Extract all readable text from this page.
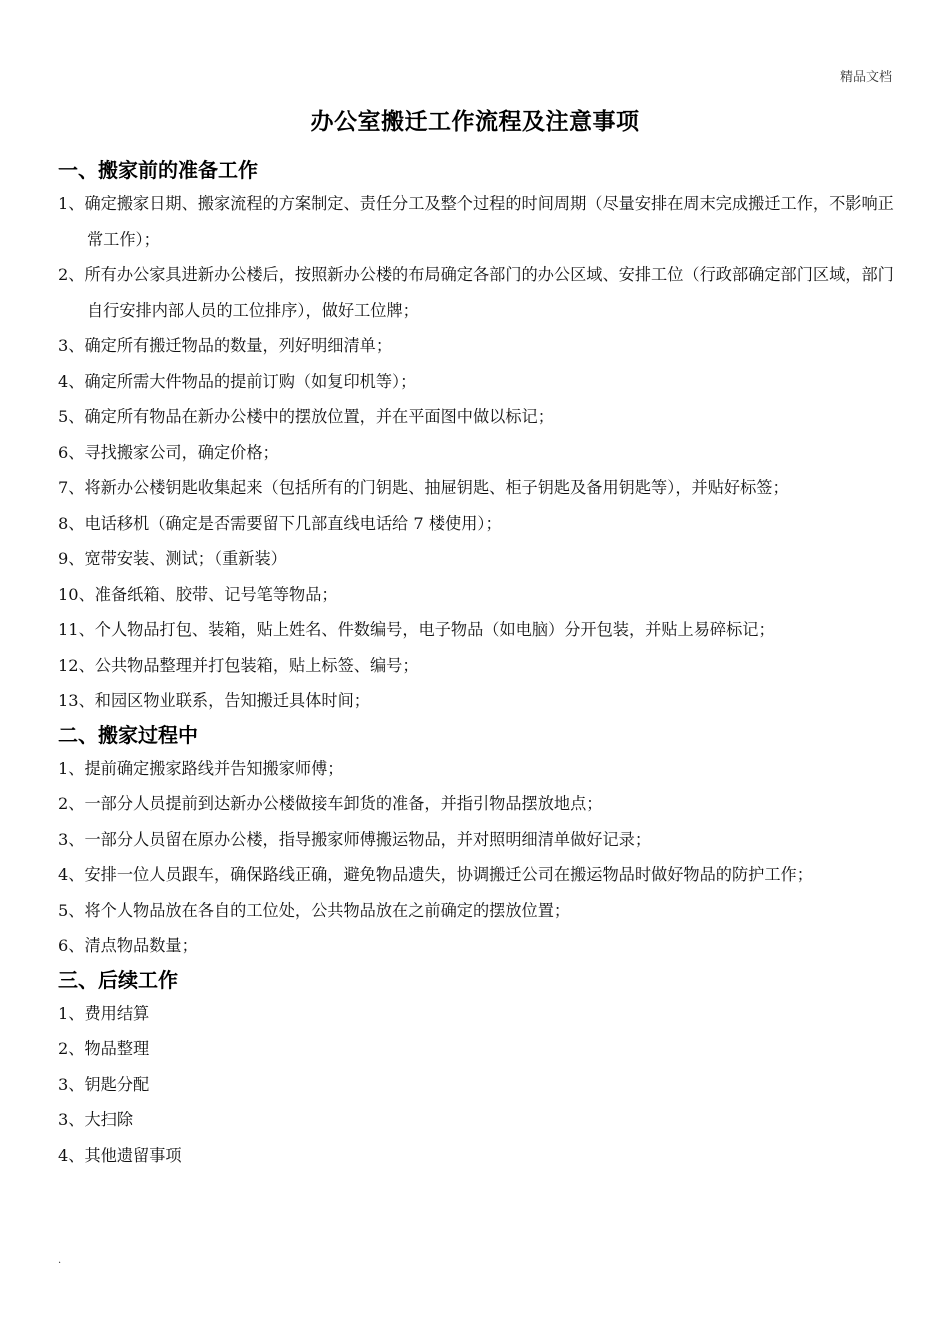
精品文档
办公室搬迁工作流程及注意事项
一、搬家前的准备工作
1、确定搬家日期、搬家流程的方案制定、责任分工及整个过程的时间周期（尽量安排在周末完成搬迁工作，不影响正常工作）；
2、所有办公家具进新办公楼后，按照新办公楼的布局确定各部门的办公区域、安排工位（行政部确定部门区域，部门自行安排内部人员的工位排序），做好工位牌；
3、确定所有搬迁物品的数量，列好明细清单；
4、确定所需大件物品的提前订购（如复印机等）；
5、确定所有物品在新办公楼中的摆放位置，并在平面图中做以标记；
6、寻找搬家公司，确定价格；
7、将新办公楼钥匙收集起来（包括所有的门钥匙、抽屉钥匙、柜子钥匙及备用钥匙等），并贴好标签；
8、电话移机（确定是否需要留下几部直线电话给 7 楼使用）；
9、宽带安装、测试；（重新装）
10、准备纸箱、胶带、记号笔等物品；
11、个人物品打包、装箱，贴上姓名、件数编号，电子物品（如电脑）分开包装，并贴上易碎标记；
12、公共物品整理并打包装箱，贴上标签、编号；
13、和园区物业联系，告知搬迁具体时间；
二、搬家过程中
1、提前确定搬家路线并告知搬家师傅；
2、一部分人员提前到达新办公楼做接车卸货的准备，并指引物品摆放地点；
3、一部分人员留在原办公楼，指导搬家师傅搬运物品，并对照明细清单做好记录；
4、安排一位人员跟车，确保路线正确，避免物品遗失，协调搬迁公司在搬运物品时做好物品的防护工作；
5、将个人物品放在各自的工位处，公共物品放在之前确定的摆放位置；
6、清点物品数量；
三、后续工作
1、费用结算
2、物品整理
3、钥匙分配
3、大扫除
4、其他遗留事项
.
